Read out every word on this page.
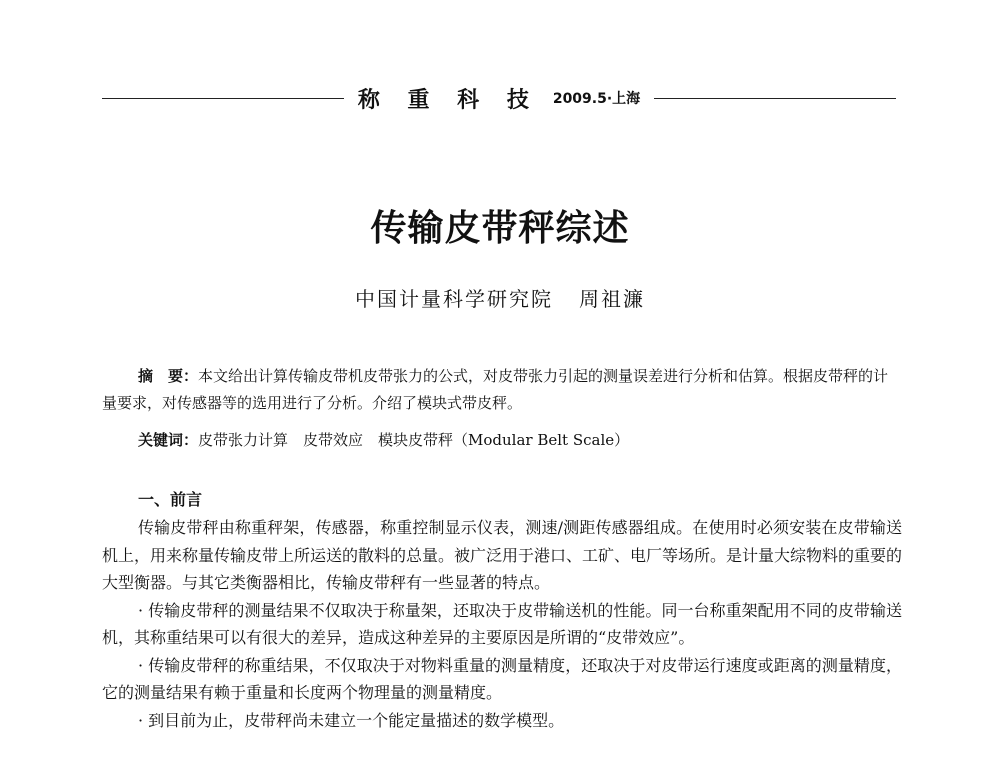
称 重 科 技 2009.5·上海
传输皮带秤综述
中国计量科学研究院 周祖濂

摘　要：本文给出计算传输皮带机皮带张力的公式，对皮带张力引起的测量误差进行分析和估算。根据皮带秤的计量要求，对传感器等的选用进行了分析。介绍了模块式带皮秤。

关键词：皮带张力计算　皮带效应　模块皮带秤（Modular Belt Scale）
一、前言

传输皮带秤由称重秤架，传感器，称重控制显示仪表，测速/测距传感器组成。在使用时必须安装在皮带输送机上，用来称量传输皮带上所运送的散料的总量。被广泛用于港口、工矿、电厂等场所。是计量大综物料的重要的大型衡器。与其它类衡器相比，传输皮带秤有一些显著的特点。

· 传输皮带秤的测量结果不仅取决于称量架，还取决于皮带输送机的性能。同一台称重架配用不同的皮带输送机，其称重结果可以有很大的差异，造成这种差异的主要原因是所谓的“皮带效应”。

· 传输皮带秤的称重结果，不仅取决于对物料重量的测量精度，还取决于对皮带运行速度或距离的测量精度，它的测量结果有赖于重量和长度两个物理量的测量精度。

· 到目前为止，皮带秤尚未建立一个能定量描述的数学模型。
